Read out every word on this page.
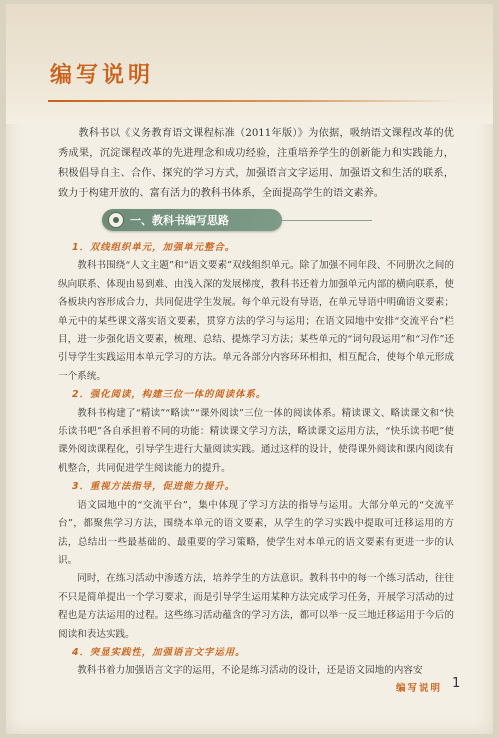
编写说明

教科书以《义务教育语文课程标准（2011年版）》为依据，吸纳语文课程改革的优秀成果，沉淀课程改革的先进理念和成功经验，注重培养学生的创新能力和实践能力，积极倡导自主、合作、探究的学习方式，加强语言文字运用、加强语文和生活的联系，致力于构建开放的、富有活力的教科书体系，全面提高学生的语文素养。

一、教科书编写思路

1．双线组织单元，加强单元整合。

教科书围绕“人文主题”和“语文要素”双线组织单元。除了加强不同年段、不同册次之间的纵向联系、体现由易到难、由浅入深的发展梯度，教科书还着力加强单元内部的横向联系，使各板块内容形成合力，共同促进学生发展。每个单元设有导语，在单元导语中明确语文要素；单元中的某些课文落实语文要素，贯穿方法的学习与运用；在语文园地中安排“交流平台”栏目，进一步强化语文要素，梳理、总结、提炼学习方法；某些单元的“词句段运用”和“习作”还引导学生实践运用本单元学习的方法。单元各部分内容环环相扣，相互配合，使每个单元形成一个系统。

2．强化阅读，构建三位一体的阅读体系。

教科书构建了“精读”“略读”“课外阅读”三位一体的阅读体系。精读课文、略读课文和“快乐读书吧”各自承担着不同的功能：精读课文学习方法，略读课文运用方法，“快乐读书吧”使课外阅读课程化，引导学生进行大量阅读实践。通过这样的设计，使得课外阅读和课内阅读有机整合，共同促进学生阅读能力的提升。

3．重视方法指导，促进能力提升。

语文园地中的“交流平台”，集中体现了学习方法的指导与运用。大部分单元的“交流平台”，都聚焦学习方法，围绕本单元的语文要素，从学生的学习实践中提取可迁移运用的方法，总结出一些最基础的、最重要的学习策略，使学生对本单元的语文要素有更进一步的认识。

同时，在练习活动中渗透方法，培养学生的方法意识。教科书中的每一个练习活动，往往不只是简单提出一个学习要求，而是引导学生运用某种方法完成学习任务，开展学习活动的过程也是方法运用的过程。这些练习活动蕴含的学习方法，都可以举一反三地迁移运用于今后的阅读和表达实践。

4．突显实践性，加强语言文字运用。

教科书着力加强语言文字的运用，不论是练习活动的设计，还是语文园地的内容安

编写说明 1
